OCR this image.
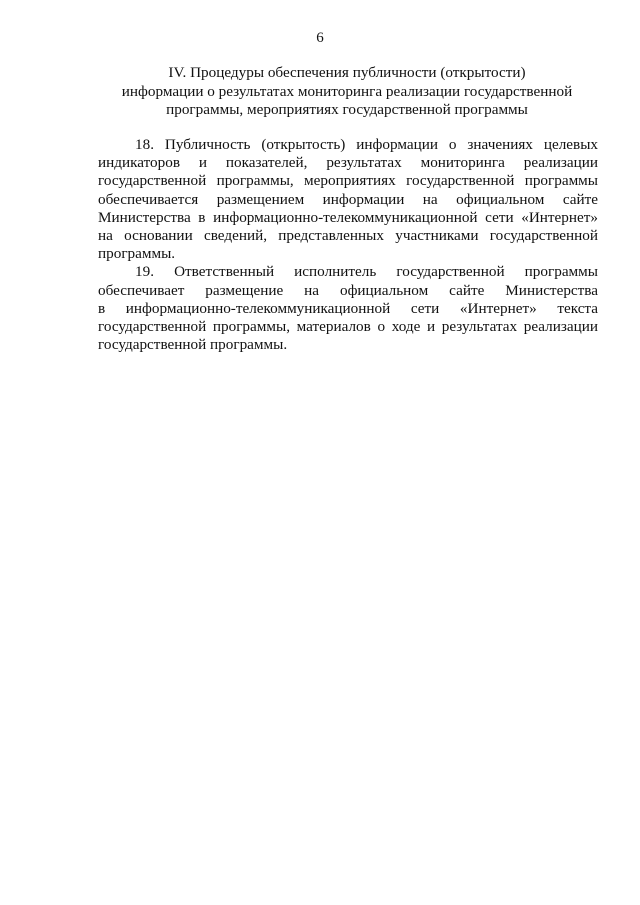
6
IV. Процедуры обеспечения публичности (открытости)
информации о результатах мониторинга реализации государственной
программы, мероприятиях государственной программы
18. Публичность (открытость) информации о значениях целевых
индикаторов и показателей, результатах мониторинга реализации
государственной программы, мероприятиях государственной программы
обеспечивается размещением информации на официальном сайте
Министерства в информационно-телекоммуникационной сети «Интернет»
на основании сведений, представленных участниками государственной
программы.
19. Ответственный исполнитель государственной программы
обеспечивает размещение на официальном сайте Министерства
в информационно-телекоммуникационной сети «Интернет» текста
государственной программы, материалов о ходе и результатах реализации
государственной программы.
